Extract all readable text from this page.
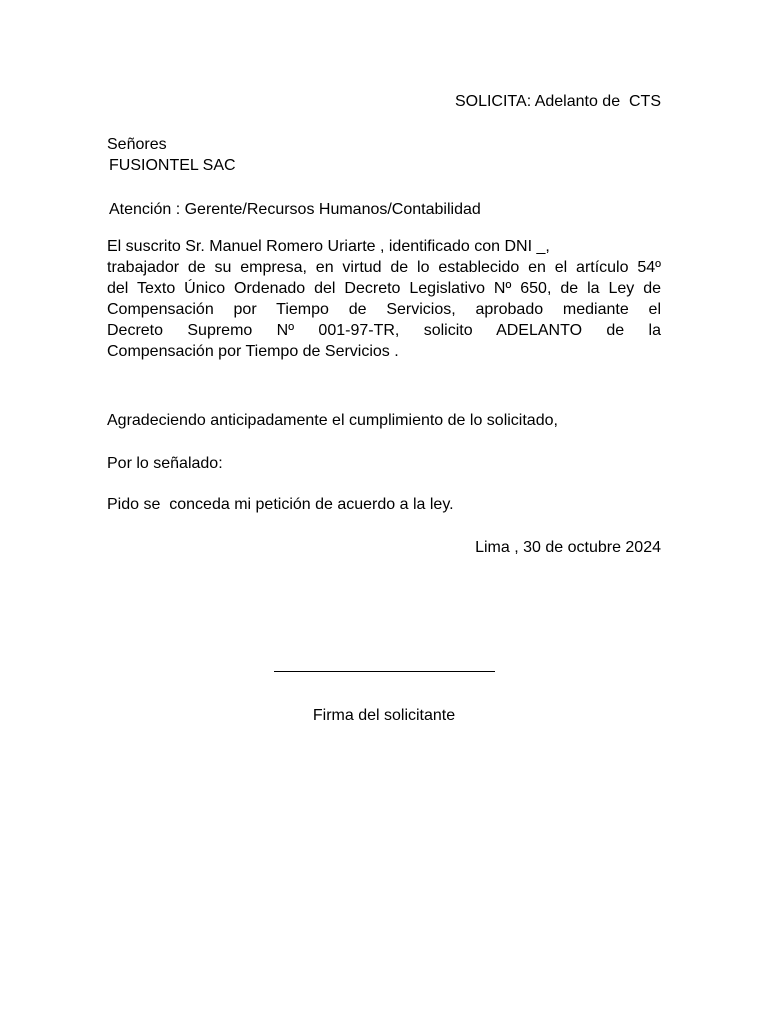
SOLICITA: Adelanto de  CTS
Señores
FUSIONTEL SAC
Atención : Gerente/Recursos Humanos/Contabilidad
El suscrito Sr. Manuel Romero Uriarte , identificado con DNI _,
trabajador de su empresa, en virtud de lo establecido en el artículo 54º
del Texto Único Ordenado del Decreto Legislativo Nº 650, de la Ley de
Compensación por Tiempo de Servicios, aprobado mediante el
Decreto Supremo Nº 001-97-TR, solicito ADELANTO de la
Compensación por Tiempo de Servicios .
Agradeciendo anticipadamente el cumplimiento de lo solicitado,
Por lo señalado:
Pido se  conceda mi petición de acuerdo a la ley.
Lima , 30 de octubre 2024
Firma del solicitante
